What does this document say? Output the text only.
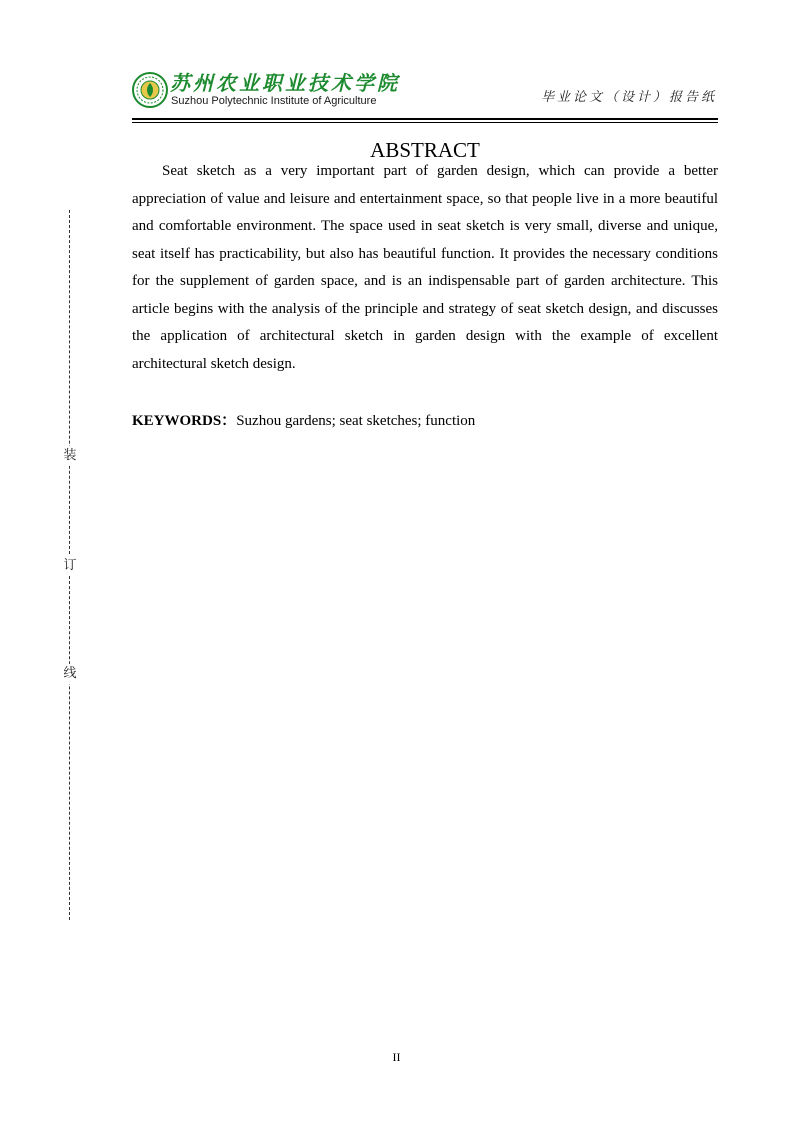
苏州农业职业技术学院
Suzhou Polytechnic Institute of Agriculture	毕业论文（设计）报告纸
装
订
线
ABSTRACT

Seat sketch as a very important part of garden design, which can provide a better appreciation of value and leisure and entertainment space, so that people live in a more beautiful and comfortable environment. The space used in seat sketch is very small, diverse and unique, seat itself has practicability, but also has beautiful function. It provides the necessary conditions for the supplement of garden space, and is an indispensable part of garden architecture. This article begins with the analysis of the principle and strategy of seat sketch design, and discusses the application of architectural sketch in garden design with the example of excellent architectural sketch design.

KEYWORDS：Suzhou gardens; seat sketches; function

II
